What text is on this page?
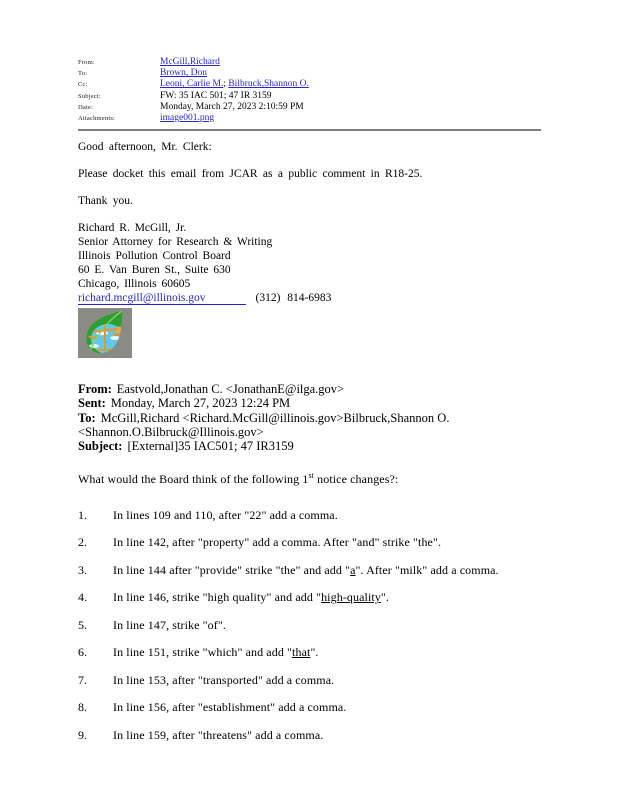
From:	McGill,Richard
To:	Brown, Don
Cc:	Leoni, Carlie M.; Bilbruck,Shannon O.
Subject:	FW: 35 IAC 501; 47 IR 3159
Date:	Monday, March 27, 2023 2:10:59 PM
Attachments:	image001.png

Good afternoon, Mr. Clerk:

Please docket this email from JCAR as a public comment in R18-25.

Thank you.

Richard R. McGill, Jr.
Senior Attorney for Research & Writing
Illinois Pollution Control Board
60 E. Van Buren St., Suite 630
Chicago, Illinois 60605
richard.mcgill@illinois.gov	(312) 814-6983

From: Eastvold,Jonathan C. <JonathanE@ilga.gov>

Sent: Monday, March 27, 2023 12:24 PM

To: McGill,Richard <Richard.McGill@illinois.gov>Bilbruck,Shannon O.
<Shannon.O.Bilbruck@Illinois.gov>

Subject: [External]35 IAC501; 47 IR3159

What would the Board think of the following 1st notice changes?:

1.	In lines 109 and 110, after "22" add a comma.
2.	In line 142, after "property" add a comma. After "and" strike "the".
3.	In line 144 after "provide" strike "the" and add "a". After "milk" add a comma.
4.	In line 146, strike "high quality" and add "high-quality".
5.	In line 147, strike "of".
6.	In line 151, strike "which" and add "that".
7.	In line 153, after "transported" add a comma.
8.	In line 156, after "establishment" add a comma.
9.	In line 159, after "threatens" add a comma.
